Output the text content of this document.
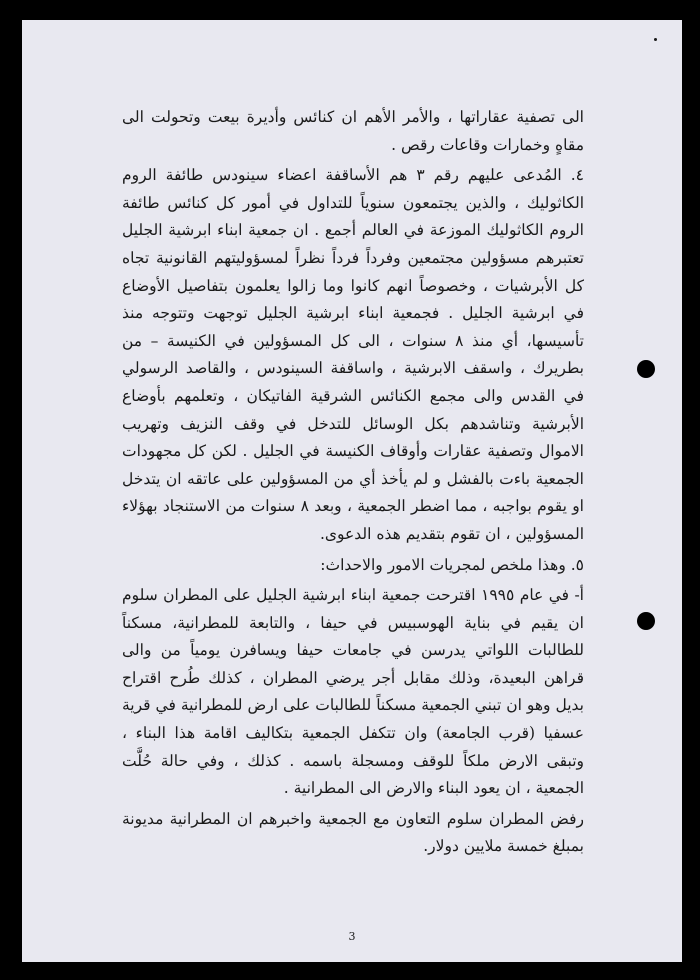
الى تصفية عقاراتها ، والأمر الأهم ان كنائس وأديرة بيعت وتحولت الى مقاهٍ وخمارات وقاعات رقص .

٤. المُدعى عليهم رقم ٣ هم الأساقفة اعضاء سينودس طائفة الروم الكاثوليك ، والذين يجتمعون سنوياً للتداول في أمور كل كنائس طائفة الروم الكاثوليك الموزعة في العالم أجمع . ان جمعية ابناء ابرشية الجليل تعتبرهم مسؤولين مجتمعين وفرداً فرداً نظراً لمسؤوليتهم القانونية تجاه كل الأبرشيات ، وخصوصاً انهم كانوا وما زالوا يعلمون بتفاصيل الأوضاع في ابرشية الجليل . فجمعية ابناء ابرشية الجليل توجهت وتتوجه منذ تأسيسها، أي منذ ٨ سنوات ، الى كل المسؤولين في الكنيسة – من بطريرك ، واسقف الابرشية ، واساقفة السينودس ، والقاصد الرسولي في القدس والى مجمع الكنائس الشرقية الفاتيكان ، وتعلمهم بأوضاع الأبرشية وتناشدهم بكل الوسائل للتدخل في وقف النزيف وتهريب الاموال وتصفية عقارات وأوقاف الكنيسة في الجليل . لكن كل مجهودات الجمعية باءت بالفشل و لم يأخذ أي من المسؤولين على عاتقه ان يتدخل او يقوم بواجبه ، مما اضطر الجمعية ، وبعد ٨ سنوات من الاستنجاد بهؤلاء المسؤولين ، ان تقوم بتقديم هذه الدعوى.

٥. وهذا ملخص لمجريات الامور والاحداث:

أ- في عام ١٩٩٥ اقترحت جمعية ابناء ابرشية الجليل على المطران سلوم ان يقيم في بناية الهوسبيس في حيفا ، والتابعة للمطرانية، مسكناً للطالبات اللواتي يدرسن في جامعات حيفا ويسافرن يومياً من والى قراهن البعيدة، وذلك مقابل أجر يرضي المطران ، كذلك طُرح اقتراح بديل وهو ان تبني الجمعية مسكناً للطالبات على ارض للمطرانية في قرية عسفيا (قرب الجامعة) وان تتكفل الجمعية بتكاليف اقامة هذا البناء ، وتبقى الارض ملكاً للوقف ومسجلة باسمه . كذلك ، وفي حالة حُلَّت الجمعية ، ان يعود البناء والارض الى المطرانية .

رفض المطران سلوم التعاون مع الجمعية واخبرهم ان المطرانية مديونة بمبلغ خمسة ملايين دولار.

3
